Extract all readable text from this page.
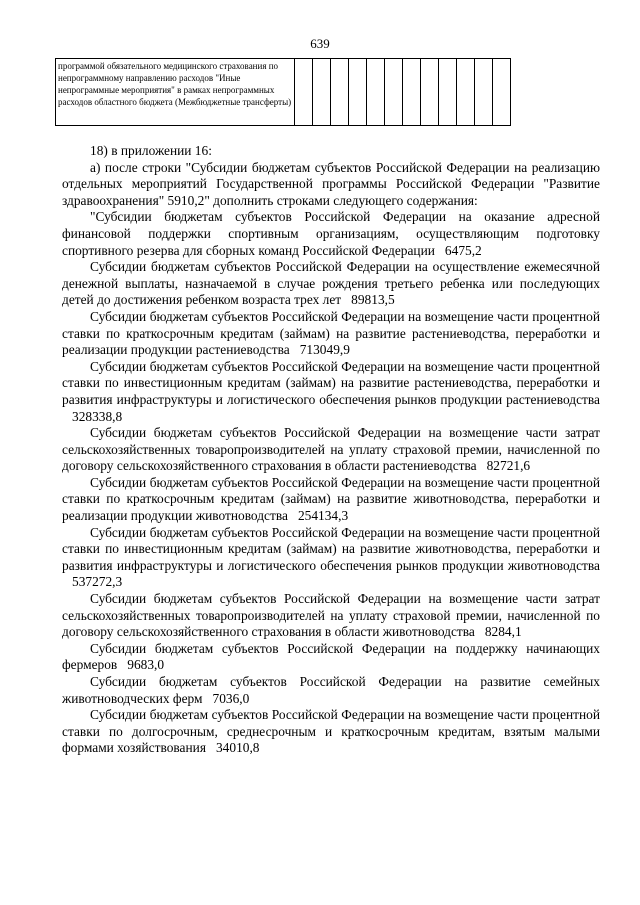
639
программой обязательного медицинского страхования по непрограммному направлению расходов "Иные непрограммные мероприятия" в рамках непрограммных расходов областного бюджета (Межбюджетные трансферты)												

18) в приложении 16:

а) после строки "Субсидии бюджетам субъектов Российской Федерации на реализацию отдельных мероприятий Государственной программы Российской Федерации "Развитие здравоохранения" 5910,2" дополнить строками следующего содержания:

"Субсидии бюджетам субъектов Российской Федерации на оказание адресной финансовой поддержки спортивным организациям, осуществляющим подготовку спортивного резерва для сборных команд Российской Федерации 6475,2

Субсидии бюджетам субъектов Российской Федерации на осуществление ежемесячной денежной выплаты, назначаемой в случае рождения третьего ребенка или последующих детей до достижения ребенком возраста трех лет 89813,5

Субсидии бюджетам субъектов Российской Федерации на возмещение части процентной ставки по краткосрочным кредитам (займам) на развитие растениеводства, переработки и реализации продукции растениеводства 713049,9

Субсидии бюджетам субъектов Российской Федерации на возмещение части процентной ставки по инвестиционным кредитам (займам) на развитие растениеводства, переработки и развития инфраструктуры и логистического обеспечения рынков продукции растениеводства328338,8

Субсидии бюджетам субъектов Российской Федерации на возмещение части затрат сельскохозяйственных товаропроизводителей на уплату страховой премии, начисленной по договору сельскохозяйственного страхования в области растениеводства 82721,6

Субсидии бюджетам субъектов Российской Федерации на возмещение части процентной ставки по краткосрочным кредитам (займам) на развитие животноводства, переработки и реализации продукции животноводства 254134,3

Субсидии бюджетам субъектов Российской Федерации на возмещение части процентной ставки по инвестиционным кредитам (займам) на развитие животноводства, переработки и развития инфраструктуры и логистического обеспечения рынков продукции животноводства537272,3

Субсидии бюджетам субъектов Российской Федерации на возмещение части затрат сельскохозяйственных товаропроизводителей на уплату страховой премии, начисленной по договору сельскохозяйственного страхования в области животноводства 8284,1

Субсидии бюджетам субъектов Российской Федерации на поддержку начинающих фермеров 9683,0

Субсидии бюджетам субъектов Российской Федерации на развитие семейных животноводческих ферм 7036,0

Субсидии бюджетам субъектов Российской Федерации на возмещение части процентной ставки по долгосрочным, среднесрочным и краткосрочным кредитам, взятым малыми формами хозяйствования 34010,8
